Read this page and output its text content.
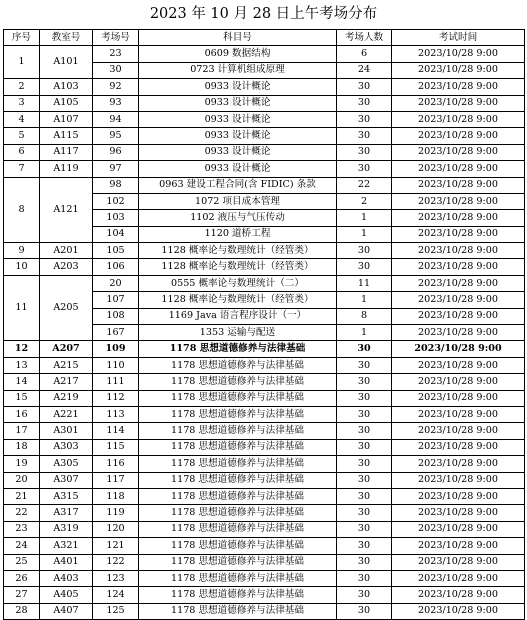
2023 年 10 月 28 日上午考场分布
序号	教室号	考场号	科目号	考场人数	考试时间
1	A101	23	0609 数据结构	6	2023/10/28 9:00
		30	0723 计算机组成原理	24	2023/10/28 9:00
2	A103	92	0933 设计概论	30	2023/10/28 9:00
3	A105	93	0933 设计概论	30	2023/10/28 9:00
4	A107	94	0933 设计概论	30	2023/10/28 9:00
5	A115	95	0933 设计概论	30	2023/10/28 9:00
6	A117	96	0933 设计概论	30	2023/10/28 9:00
7	A119	97	0933 设计概论	30	2023/10/28 9:00
8	A121	98	0963 建设工程合同(含 FIDIC) 条款	22	2023/10/28 9:00
		102	1072 项目成本管理	2	2023/10/28 9:00
		103	1102 液压与气压传动	1	2023/10/28 9:00
		104	1120 道桥工程	1	2023/10/28 9:00
9	A201	105	1128 概率论与数理统计（经管类）	30	2023/10/28 9:00
10	A203	106	1128 概率论与数理统计（经管类）	30	2023/10/28 9:00
11	A205	20	0555 概率论与数理统计（二）	11	2023/10/28 9:00
		107	1128 概率论与数理统计（经管类）	1	2023/10/28 9:00
		108	1169 Java 语言程序设计（一）	8	2023/10/28 9:00
		167	1353 运输与配送	1	2023/10/28 9:00
12	A207	109	1178 思想道德修养与法律基础	30	2023/10/28 9:00
13	A215	110	1178 思想道德修养与法律基础	30	2023/10/28 9:00
14	A217	111	1178 思想道德修养与法律基础	30	2023/10/28 9:00
15	A219	112	1178 思想道德修养与法律基础	30	2023/10/28 9:00
16	A221	113	1178 思想道德修养与法律基础	30	2023/10/28 9:00
17	A301	114	1178 思想道德修养与法律基础	30	2023/10/28 9:00
18	A303	115	1178 思想道德修养与法律基础	30	2023/10/28 9:00
19	A305	116	1178 思想道德修养与法律基础	30	2023/10/28 9:00
20	A307	117	1178 思想道德修养与法律基础	30	2023/10/28 9:00
21	A315	118	1178 思想道德修养与法律基础	30	2023/10/28 9:00
22	A317	119	1178 思想道德修养与法律基础	30	2023/10/28 9:00
23	A319	120	1178 思想道德修养与法律基础	30	2023/10/28 9:00
24	A321	121	1178 思想道德修养与法律基础	30	2023/10/28 9:00
25	A401	122	1178 思想道德修养与法律基础	30	2023/10/28 9:00
26	A403	123	1178 思想道德修养与法律基础	30	2023/10/28 9:00
27	A405	124	1178 思想道德修养与法律基础	30	2023/10/28 9:00
28	A407	125	1178 思想道德修养与法律基础	30	2023/10/28 9:00
